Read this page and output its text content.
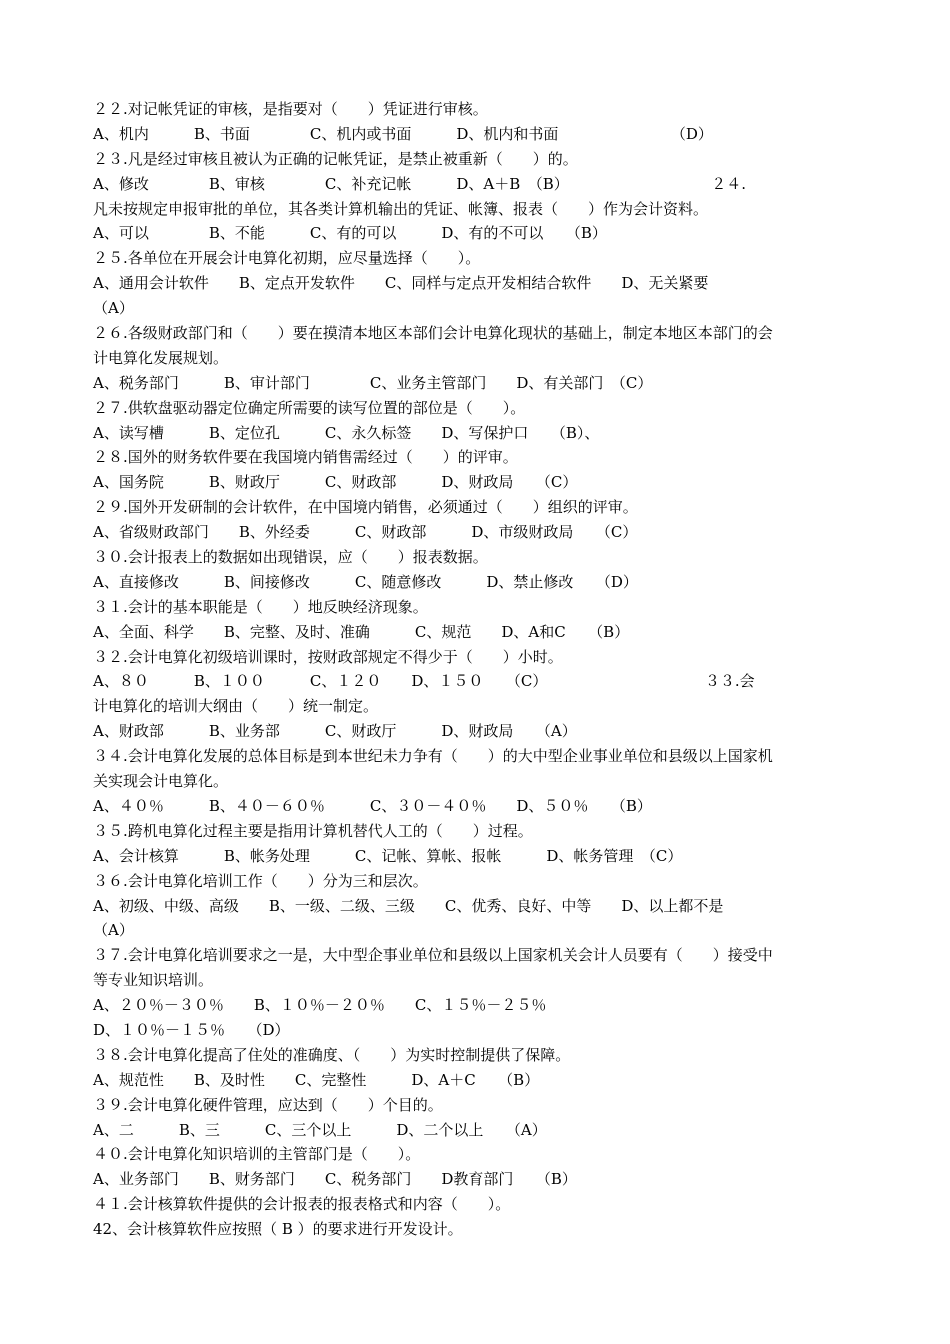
２２.对记帐凭证的审核，是指要对（　　）凭证进行审核。
A、机内　　　B、书面　　　　C、机内或书面　　　D、机内和书面　　　　　　　　（D）
２３.凡是经过审核且被认为正确的记帐凭证，是禁止被重新（　　）的。
A、修改　　　　B、审核　　　　C、补充记帐　　　D、A＋B　（B）　　　　　　　　　　２４.
凡未按规定申报审批的单位，其各类计算机输出的凭证、帐簿、报表（　　）作为会计资料。
A、可以　　　　B、不能　　　C、有的可以　　　D、有的不可以　　（B）
２５.各单位在开展会计电算化初期，应尽量选择（　　）。
A、通用会计软件　　B、定点开发软件　　C、同样与定点开发相结合软件　　D、无关紧要
（A）
２６.各级财政部门和（　　）要在摸清本地区本部们会计电算化现状的基础上，制定本地区本部门的会
计电算化发展规划。
A、税务部门　　　B、审计部门　　　　C、业务主管部门　　D、有关部门　（C）
２７.供软盘驱动器定位确定所需要的读写位置的部位是（　　）。
A、读写槽　　　B、定位孔　　　C、永久标签　　D、写保护口　　（B）、
２８.国外的财务软件要在我国境内销售需经过（　　）的评审。
A、国务院　　　B、财政厅　　　C、财政部　　　D、财政局　　（C）
２９.国外开发研制的会计软件，在中国境内销售，必须通过（　　）组织的评审。
A、省级财政部门　　B、外经委　　　C、财政部　　　D、市级财政局　　（C）
３０.会计报表上的数据如出现错误，应（　　）报表数据。
A、直接修改　　　B、间接修改　　　C、随意修改　　　D、禁止修改　　（D）
３１.会计的基本职能是（　　）地反映经济现象。
A、全面、科学　　B、完整、及时、准确　　　C、规范　　D、A和C　　（B）
３２.会计电算化初级培训课时，按财政部规定不得少于（　　）小时。
A、８０　　　B、１００　　　C、１２０　　D、１５０　　（C）　　　　　　　　　　　３３.会
计电算化的培训大纲由（　　）统一制定。
A、财政部　　　B、业务部　　　C、财政厅　　　D、财政局　　（A）
３４.会计电算化发展的总体目标是到本世纪未力争有（　　）的大中型企业事业单位和县级以上国家机
关实现会计电算化。
A、４０％　　　B、４０－６０％　　　C、３０－４０％　　D、５０％　　（B）
３５.跨机电算化过程主要是指用计算机替代人工的（　　）过程。
A、会计核算　　　B、帐务处理　　　C、记帐、算帐、报帐　　　D、帐务管理　（C）
３６.会计电算化培训工作（　　）分为三和层次。
A、初级、中级、高级　　B、一级、二级、三级　　C、优秀、良好、中等　　D、以上都不是
（A）
３７.会计电算化培训要求之一是，大中型企事业单位和县级以上国家机关会计人员要有（　　）接受中
等专业知识培训。
A、２０％－３０％　　B、１０％－２０％　　C、１５％－２５％
D、１０％－１５％　　（D）
３８.会计电算化提高了住处的准确度、（　　）为实时控制提供了保障。
A、规范性　　B、及时性　　C、完整性　　　D、A＋C　　（B）
３９.会计电算化硬件管理，应达到（　　）个目的。
A、二　　　B、三　　　C、三个以上　　　D、二个以上　　（A）
４０.会计电算化知识培训的主管部门是（　　）。
A、业务部门　　B、财务部门　　C、税务部门　　D教育部门　　（B）
４１.会计核算软件提供的会计报表的报表格式和内容（　　）。
42、会计核算软件应按照（ B ）的要求进行开发设计。
